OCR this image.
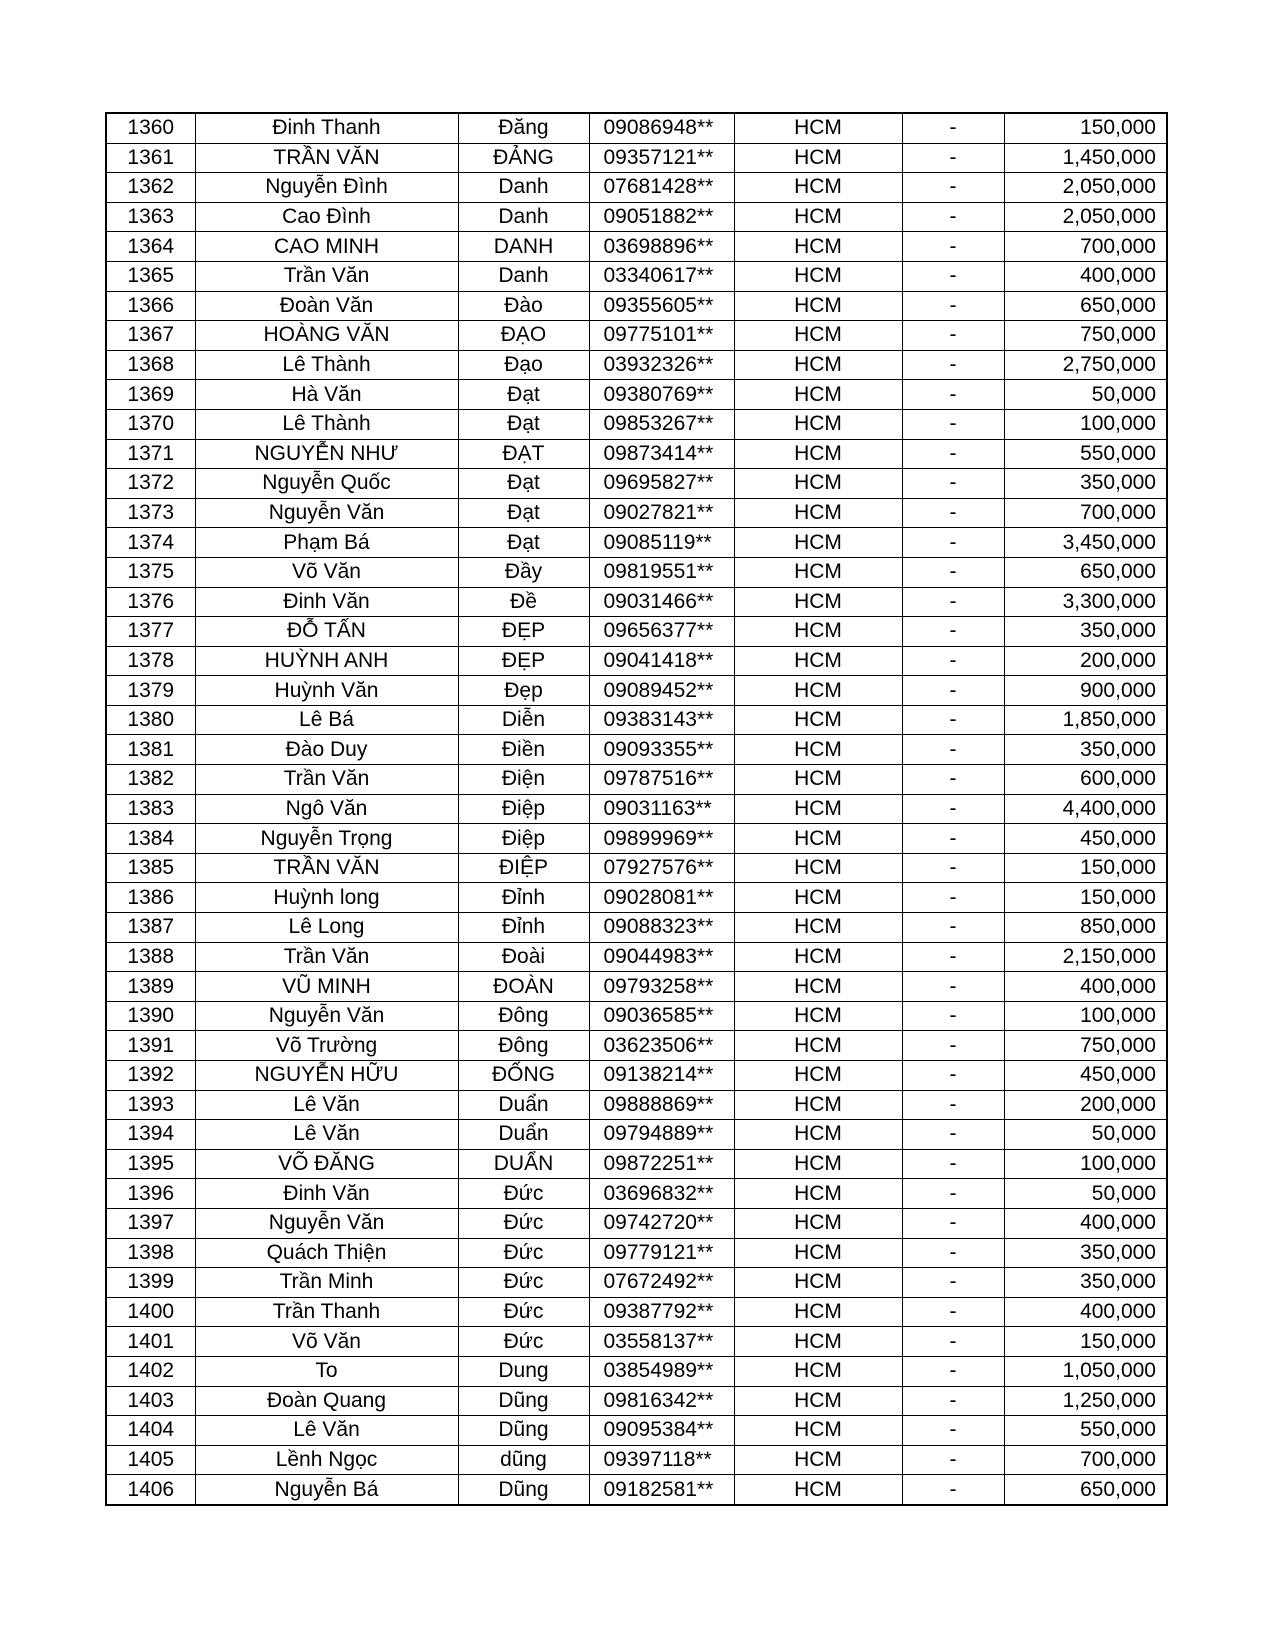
1360	Đinh Thanh	Đăng	09086948**	HCM	-	150,000
1361	TRẦN VĂN	ĐẢNG	09357121**	HCM	-	1,450,000
1362	Nguyễn Đình	Danh	07681428**	HCM	-	2,050,000
1363	Cao Đình	Danh	09051882**	HCM	-	2,050,000
1364	CAO MINH	DANH	03698896**	HCM	-	700,000
1365	Trần Văn	Danh	03340617**	HCM	-	400,000
1366	Đoàn Văn	Đào	09355605**	HCM	-	650,000
1367	HOÀNG VĂN	ĐẠO	09775101**	HCM	-	750,000
1368	Lê Thành	Đạo	03932326**	HCM	-	2,750,000
1369	Hà Văn	Đạt	09380769**	HCM	-	50,000
1370	Lê Thành	Đạt	09853267**	HCM	-	100,000
1371	NGUYỄN NHƯ	ĐẠT	09873414**	HCM	-	550,000
1372	Nguyễn Quốc	Đạt	09695827**	HCM	-	350,000
1373	Nguyễn Văn	Đạt	09027821**	HCM	-	700,000
1374	Phạm Bá	Đạt	09085119**	HCM	-	3,450,000
1375	Võ Văn	Đầy	09819551**	HCM	-	650,000
1376	Đinh Văn	Đề	09031466**	HCM	-	3,300,000
1377	ĐỖ TẤN	ĐẸP	09656377**	HCM	-	350,000
1378	HUỲNH ANH	ĐẸP	09041418**	HCM	-	200,000
1379	Huỳnh Văn	Đẹp	09089452**	HCM	-	900,000
1380	Lê Bá	Diễn	09383143**	HCM	-	1,850,000
1381	Đào Duy	Điền	09093355**	HCM	-	350,000
1382	Trần Văn	Điện	09787516**	HCM	-	600,000
1383	Ngô Văn	Điệp	09031163**	HCM	-	4,400,000
1384	Nguyễn Trọng	Điệp	09899969**	HCM	-	450,000
1385	TRẦN VĂN	ĐIỆP	07927576**	HCM	-	150,000
1386	Huỳnh long	Đỉnh	09028081**	HCM	-	150,000
1387	Lê Long	Đỉnh	09088323**	HCM	-	850,000
1388	Trần Văn	Đoài	09044983**	HCM	-	2,150,000
1389	VŨ MINH	ĐOÀN	09793258**	HCM	-	400,000
1390	Nguyễn Văn	Đông	09036585**	HCM	-	100,000
1391	Võ Trường	Đông	03623506**	HCM	-	750,000
1392	NGUYỄN HỮU	ĐỐNG	09138214**	HCM	-	450,000
1393	Lê Văn	Duẩn	09888869**	HCM	-	200,000
1394	Lê Văn	Duẩn	09794889**	HCM	-	50,000
1395	VÕ ĐĂNG	DUẨN	09872251**	HCM	-	100,000
1396	Đinh Văn	Đức	03696832**	HCM	-	50,000
1397	Nguyễn Văn	Đức	09742720**	HCM	-	400,000
1398	Quách Thiện	Đức	09779121**	HCM	-	350,000
1399	Trần Minh	Đức	07672492**	HCM	-	350,000
1400	Trần Thanh	Đức	09387792**	HCM	-	400,000
1401	Võ Văn	Đức	03558137**	HCM	-	150,000
1402	To	Dung	03854989**	HCM	-	1,050,000
1403	Đoàn Quang	Dũng	09816342**	HCM	-	1,250,000
1404	Lê Văn	Dũng	09095384**	HCM	-	550,000
1405	Lềnh Ngọc	dũng	09397118**	HCM	-	700,000
1406	Nguyễn Bá	Dũng	09182581**	HCM	-	650,000
